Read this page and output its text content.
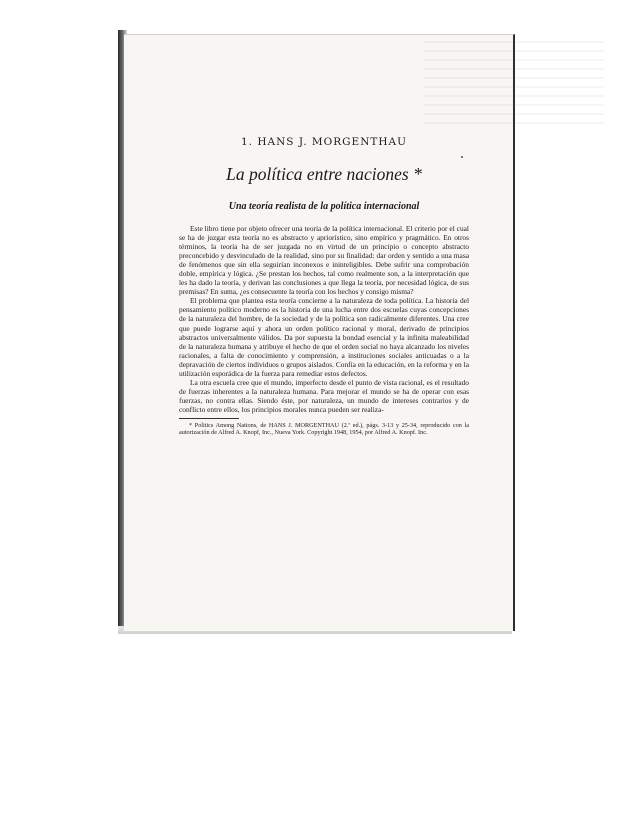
1. HANS J. MORGENTHAU
La política entre naciones *
Una teoría realista de la política internacional

Este libro tiene por objeto ofrecer una teoría de la política internacional. El criterio por el cual se ha de juzgar esta teoría no es abstracto y apriorístico, sino empírico y pragmático. En otros términos, la teoría ha de ser juzgada no en virtud de un principio o concepto abstracto preconcebido y desvinculado de la realidad, sino por su finalidad: dar orden y sentido a una masa de fenómenos que sin ella seguirían inconexos e ininteligibles. Debe sufrir una comprobación doble, empírica y lógica. ¿Se prestan los hechos, tal como realmente son, a la interpretación que les ha dado la teoría, y derivan las conclusiones a que llega la teoría, por necesidad lógica, de sus premisas? En suma, ¿es consecuente la teoría con los hechos y consigo misma?

El problema que plantea esta teoría concierne a la naturaleza de toda política. La historia del pensamiento político moderno es la historia de una lucha entre dos escuelas cuyas concepciones de la naturaleza del hombre, de la sociedad y de la política son radicalmente diferentes. Una cree que puede lograrse aquí y ahora un orden político racional y moral, derivado de principios abstractos universalmente válidos. Da por supuesta la bondad esencial y la infinita maleabilidad de la naturaleza humana y atribuye el hecho de que el orden social no haya alcanzado los niveles racionales, a falta de conocimiento y comprensión, a instituciones sociales anticuadas o a la depravación de ciertos individuos o grupos aislados. Confía en la educación, en la reforma y en la utilización esporádica de la fuerza para remediar estos defectos.

La otra escuela cree que el mundo, imperfecto desde el punto de vista racional, es el resultado de fuerzas inherentes a la naturaleza humana. Para mejorar el mundo se ha de operar con esas fuerzas, no contra ellas. Siendo éste, por naturaleza, un mundo de intereses contrarios y de conflicto entre ellos, los principios morales nunca pueden ser realiza-

* Politics Among Nations, de HANS J. MORGENTHAU (2.ª ed.), págs. 3-13 y 25-34, reproducido con la autorización de Alfred A. Knopf, Inc., Nueva York. Copyright 1948, 1954, por Alfred A. Knopf. Inc.
